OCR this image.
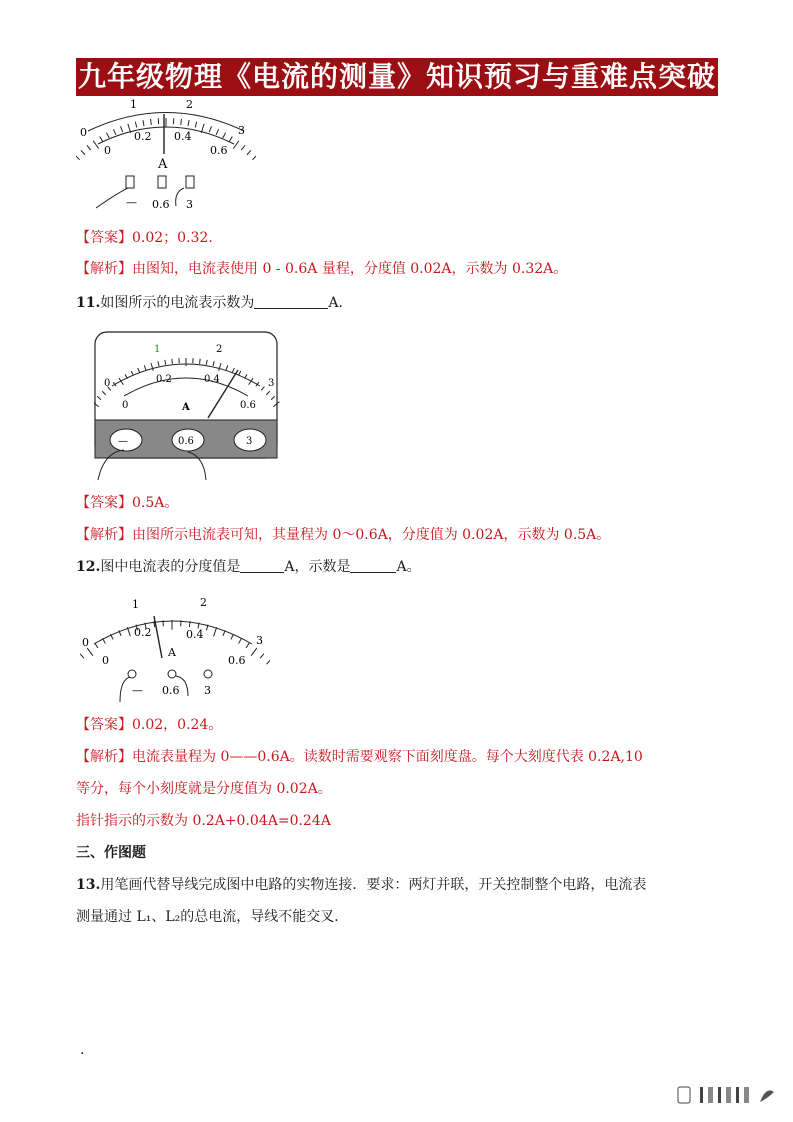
九年级物理《电流的测量》知识预习与重难点突破
0
1	2
3
0
0.2 0.4
0.6
A
— 0.6 3
【答案】0.02；0.32.
【解析】由图知，电流表使用 0 - 0.6A 量程，分度值 0.02A，示数为 0.32A。
11.如图所示的电流表示数为	A.
0
1	2
3
0
0.2	0.4
0.6
A
—	0.6	3
【答案】0.5A。
【解析】由图所示电流表可知，其量程为 0～0.6A，分度值为 0.02A，示数为 0.5A。
12.图中电流表的分度值是	A，示数是	A。
0
1	2
3
0
0.2	0.4
0.6
A
— 0.6 3
【答案】0.02，0.24。
【解析】电流表量程为 0——0.6A。读数时需要观察下面刻度盘。每个大刻度代表 0.2A,10
等分，每个小刻度就是分度值为 0.02A。
指针指示的示数为 0.2A+0.04A=0.24A
三、作图题
13.用笔画代替导线完成图中电路的实物连接．要求：两灯并联，开关控制整个电路，电流表
测量通过 L₁、L₂的总电流，导线不能交叉．
.
